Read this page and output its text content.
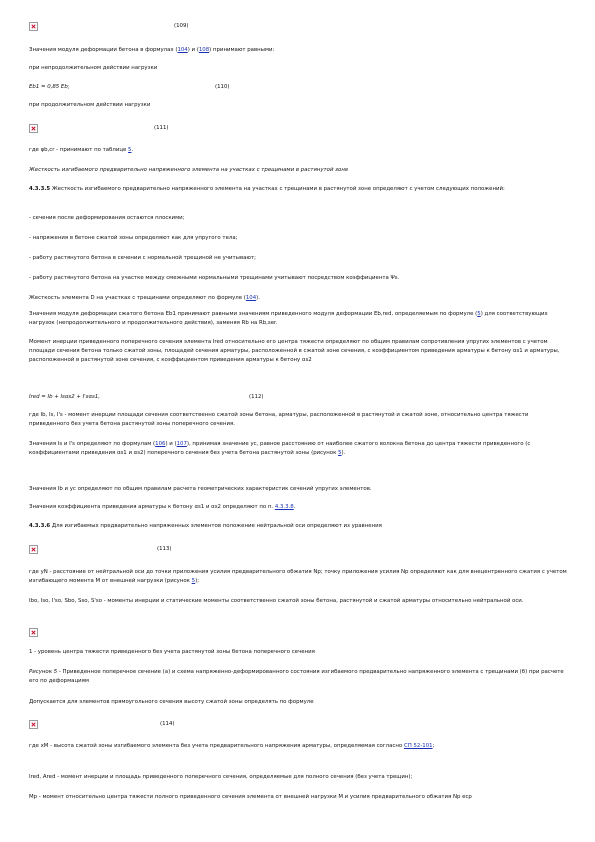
(109)

Значения модуля деформации бетона в формулах (104) и (108) принимают равными:

при непродолжительном действии нагрузки

Eb1 = 0,85 Eb;	(110)

при продолжительном действии нагрузки

(111)

где φb,cr - принимают по таблице 5.

Жесткость изгибаемого предварительно напряженного элемента на участках с трещинами в растянутой зоне

4.3.3.5 Жесткость изгибаемого предварительно напряженного элемента на участках с трещинами в растянутой зоне определяют с учетом следующих положений:

- сечения после деформирования остаются плоскими;

- напряжения в бетоне сжатой зоны определяют как для упругого тела;

- работу растянутого бетона в сечении с нормальной трещиной не учитывают;

- работу растянутого бетона на участке между смежными нормальными трещинами учитывают посредством коэффициента Ψs.

Жесткость элемента D на участках с трещинами определяют по формуле (104).

Значения модуля деформации сжатого бетона Eb1 принимают равными значениям приведенного модуля деформации Eb,red, определяемым по формуле (5) для соответствующих нагрузок (непродолжительного и продолжительного действия), заменяя Rb на Rb,ser.

Момент инерции приведенного поперечного сечения элемента Ired относительно его центра тяжести определяют по общим правилам сопротивления упругих элементов с учетом площади сечения бетона только сжатой зоны, площадей сечения арматуры, расположенной в сжатой зоне сечения, с коэффициентом приведения арматуры к бетону αs1 и арматуры, расположенной в растянутой зоне сечения, с коэффициентом приведения арматуры к бетону αs2

Ired = Ib + Isαs2 + I'sαs1,	(112)

где Ib, Is, I's - момент инерции площади сечения соответственно сжатой зоны бетона, арматуры, расположенной в растянутой и сжатой зоне, относительно центра тяжести приведенного без учета бетона растянутой зоны поперечного сечения.

Значения Is и I's определяют по формулам (106) и (107), принимая значение yc, равное расстоянию от наиболее сжатого волокна бетона до центра тяжести приведенного (с коэффициентами приведения αs1 и αs2) поперечного сечения без учета бетона растянутой зоны (рисунок 5).

Значения Ib и yc определяют по общим правилам расчета геометрических характеристик сечений упругих элементов.

Значения коэффициента приведения арматуры к бетону αs1 и αs2 определяют по п. 4.3.3.8.

4.3.3.6 Для изгибаемых предварительно напряженных элементов положение нейтральной оси определяют из уравнения

(113)

где yN - расстояние от нейтральной оси до точки приложения усилия предварительного обжатия Np; точку приложения усилия Np определяют как для внецентренного сжатия с учетом изгибающего момента M от внешней нагрузки (рисунок 5);

Ibo, Iso, I'so, Sbo, Sso, S'so - моменты инерции и статические моменты соответственно сжатой зоны бетона, растянутой и сжатой арматуры относительно нейтральной оси.

1 - уровень центра тяжести приведенного без учета растянутой зоны бетона поперечного сечения

Рисунок 5 - Приведенное поперечное сечение (а) и схема напряженно-деформированного состояния изгибаемого предварительно напряженного элемента с трещинами (б) при расчете его по деформациям

Допускается для элементов прямоугольного сечения высоту сжатой зоны определять по формуле

(114)

где xM - высота сжатой зоны изгибаемого элемента без учета предварительного напряжения арматуры, определяемая согласно СП 52-101;

Ired, Ared - момент инерции и площадь приведенного поперечного сечения, определяемые для полного сечения (без учета трещин);

Mp - момент относительно центра тяжести полного приведенного сечения элемента от внешней нагрузки M и усилия предварительного обжатия Np ecp
